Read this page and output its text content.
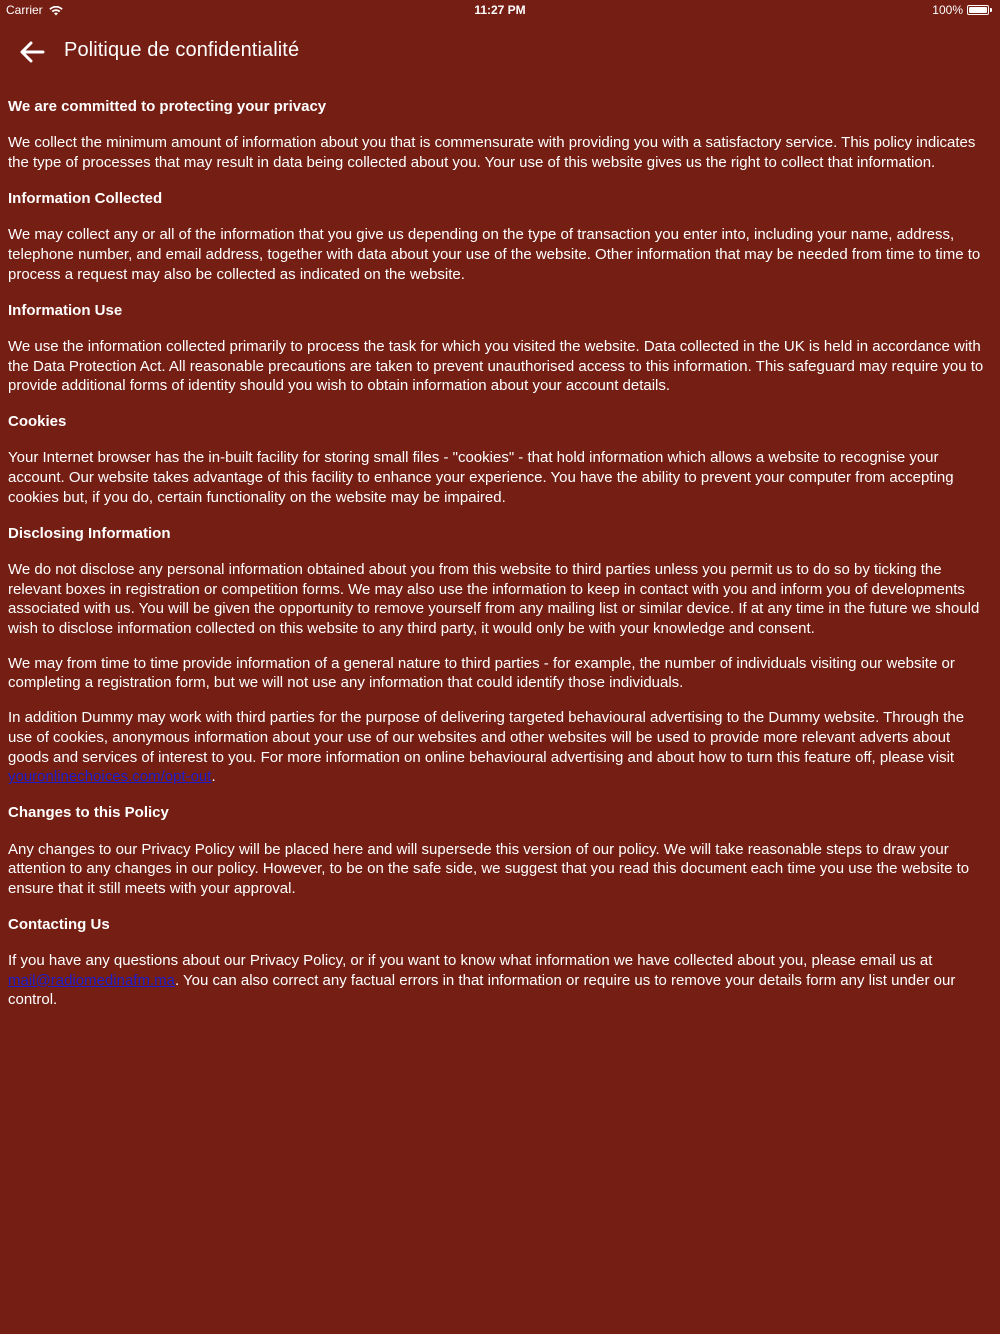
Carrier	11:27 PM	100%
Politique de confidentialité
We are committed to protecting your privacy

We collect the minimum amount of information about you that is commensurate with providing you with a satisfactory service. This policy indicates the type of processes that may result in data being collected about you. Your use of this website gives us the right to collect that information.

Information Collected

We may collect any or all of the information that you give us depending on the type of transaction you enter into, including your name, address, telephone number, and email address, together with data about your use of the website. Other information that may be needed from time to time to process a request may also be collected as indicated on the website.

Information Use

We use the information collected primarily to process the task for which you visited the website. Data collected in the UK is held in accordance with the Data Protection Act. All reasonable precautions are taken to prevent unauthorised access to this information. This safeguard may require you to provide additional forms of identity should you wish to obtain information about your account details.

Cookies

Your Internet browser has the in-built facility for storing small files - "cookies" - that hold information which allows a website to recognise your account. Our website takes advantage of this facility to enhance your experience. You have the ability to prevent your computer from accepting cookies but, if you do, certain functionality on the website may be impaired.

Disclosing Information

We do not disclose any personal information obtained about you from this website to third parties unless you permit us to do so by ticking the relevant boxes in registration or competition forms. We may also use the information to keep in contact with you and inform you of developments associated with us. You will be given the opportunity to remove yourself from any mailing list or similar device. If at any time in the future we should wish to disclose information collected on this website to any third party, it would only be with your knowledge and consent.

We may from time to time provide information of a general nature to third parties - for example, the number of individuals visiting our website or completing a registration form, but we will not use any information that could identify those individuals.

In addition Dummy may work with third parties for the purpose of delivering targeted behavioural advertising to the Dummy website. Through the use of cookies, anonymous information about your use of our websites and other websites will be used to provide more relevant adverts about goods and services of interest to you. For more information on online behavioural advertising and about how to turn this feature off, please visit youronlinechoices.com/opt-out.

Changes to this Policy

Any changes to our Privacy Policy will be placed here and will supersede this version of our policy. We will take reasonable steps to draw your attention to any changes in our policy. However, to be on the safe side, we suggest that you read this document each time you use the website to ensure that it still meets with your approval.

Contacting Us

If you have any questions about our Privacy Policy, or if you want to know what information we have collected about you, please email us at mail@radiomedinafm.ma. You can also correct any factual errors in that information or require us to remove your details form any list under our control.
